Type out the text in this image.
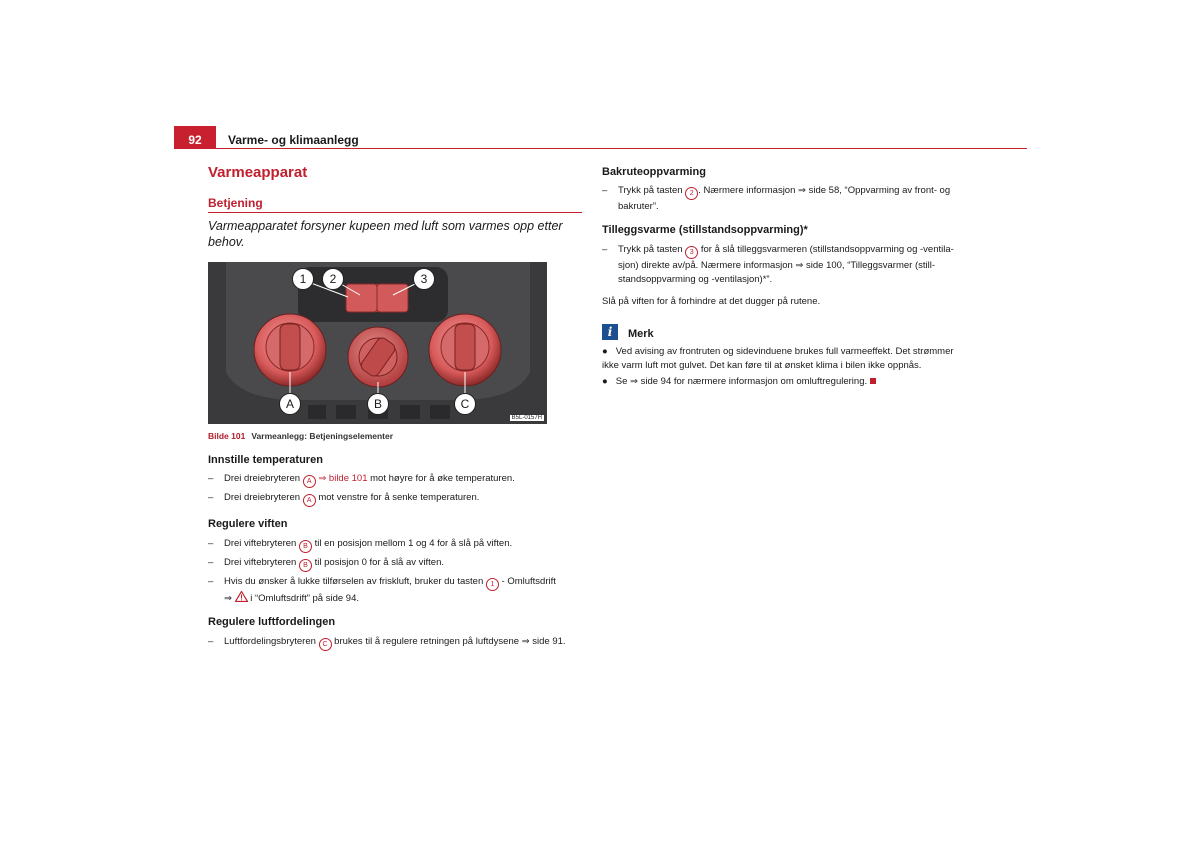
92	Varme- og klimaanlegg
Varmeapparat
Betjening
Varmeapparatet forsyner kupeen med luft som varmes opp etter behov.
1	2	3
A	B	C
B5L-0157H
Bilde 101 Varmeanlegg: Betjeningselementer
Innstille temperaturen
– Drei dreiebryteren A ⇒ bilde 101 mot høyre for å øke temperaturen.
– Drei dreiebryteren A mot venstre for å senke temperaturen.
Regulere viften
– Drei viftebryteren B til en posisjon mellom 1 og 4 for å slå på viften.
– Drei viftebryteren B til posisjon 0 for å slå av viften.
– Hvis du ønsker å lukke tilførselen av friskluft, bruker du tasten 1 - Omluftsdrift
⇒  i “Omluftsdrift” på side 94.
Regulere luftfordelingen
– Luftfordelingsbryteren C brukes til å regulere retningen på luftdysene ⇒ side 91.
Bakruteoppvarming
– Trykk på tasten 2 . Nærmere informasjon ⇒ side 58, “Oppvarming av front- og
bakruter”.
Tilleggsvarme (stillstandsoppvarming)*
– Trykk på tasten 3 for å slå tilleggsvarmeren (stillstandsoppvarming og -ventila-
sjon) direkte av/på. Nærmere informasjon ⇒ side 100, “Tilleggsvarmer (still-
standsoppvarming og -ventilasjon)*”.
Slå på viften for å forhindre at det dugger på rutene.
i	Merk
● Ved avising av frontruten og sidevinduene brukes full varmeeffekt. Det strømmer
ikke varm luft mot gulvet. Det kan føre til at ønsket klima i bilen ikke oppnås.
● Se ⇒ side 94 for nærmere informasjon om omluftregulering.
